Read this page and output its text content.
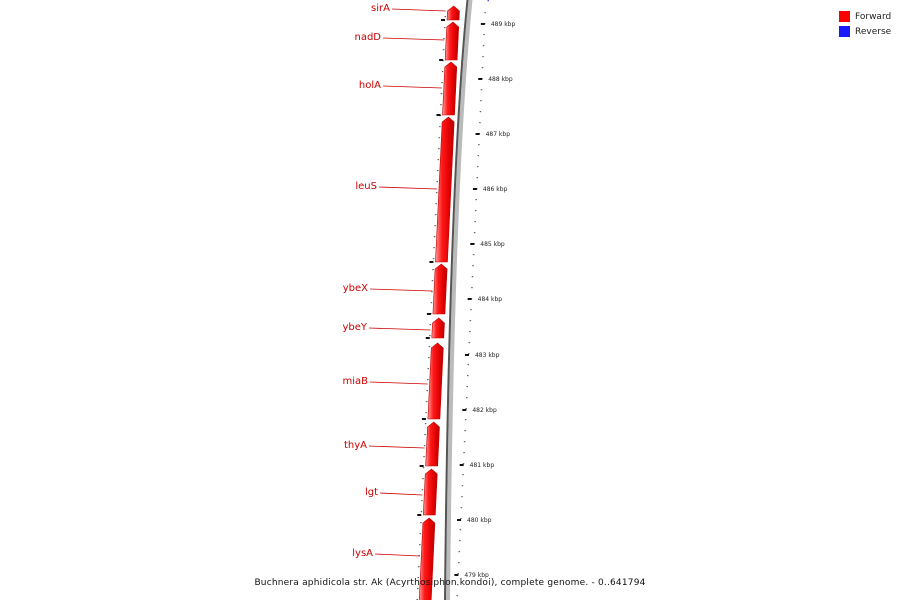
489 kbp
488 kbp
487 kbp
486 kbp
485 kbp
484 kbp
483 kbp
482 kbp
481 kbp
480 kbp
479 kbp
sirA
nadD
holA
leuS
ybeX
ybeY
miaB
thyA
lgt
lysA
Forward
Reverse
Buchnera aphidicola str. Ak (Acyrthosiphon kondoi), complete genome. - 0..641794
